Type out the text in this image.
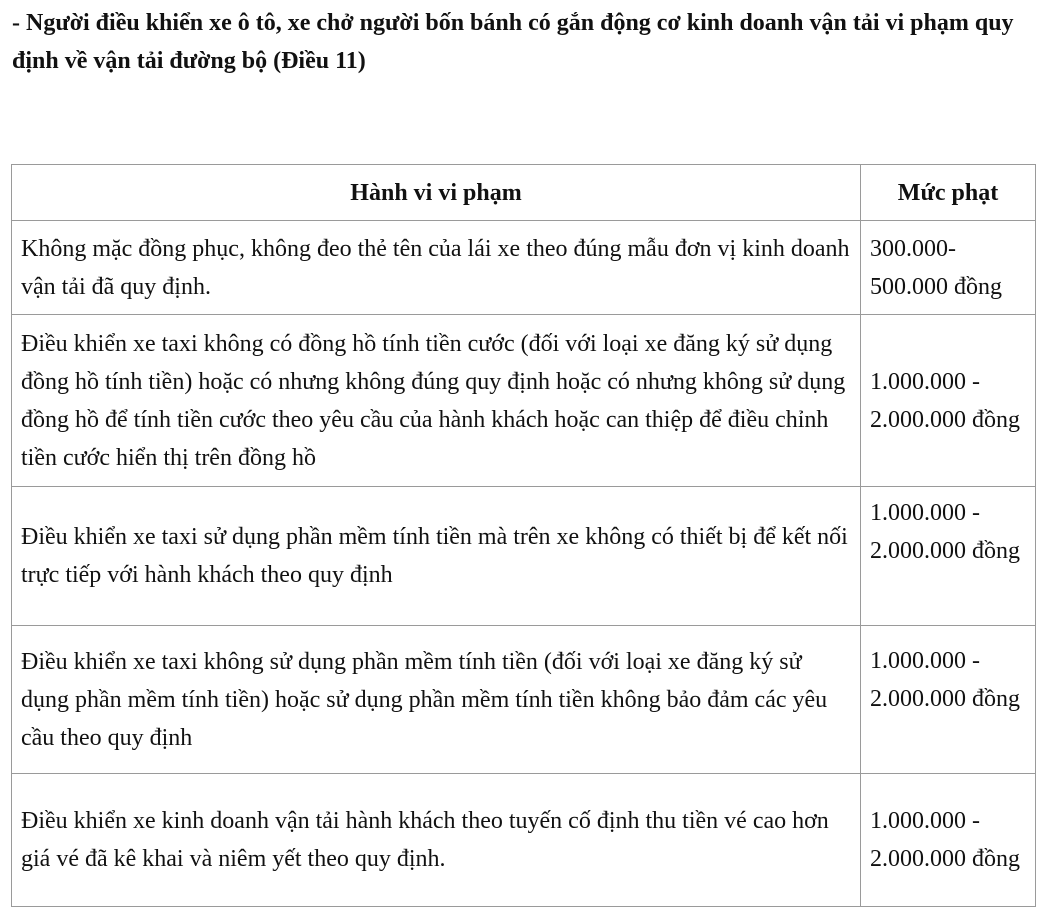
- Người điều khiển xe ô tô, xe chở người bốn bánh có gắn động cơ kinh doanh vận tải vi phạm quy định về vận tải đường bộ (Điều 11)

Hành vi vi phạm	Mức phạt
Không mặc đồng phục, không đeo thẻ tên của lái xe theo đúng mẫu đơn vị kinh doanh vận tải đã quy định.	300.000-500.000 đồng
Điều khiển xe taxi không có đồng hồ tính tiền cước (đối với loại xe đăng ký sử dụng đồng hồ tính tiền) hoặc có nhưng không đúng quy định hoặc có nhưng không sử dụng đồng hồ để tính tiền cước theo yêu cầu của hành khách hoặc can thiệp để điều chỉnh tiền cước hiển thị trên đồng hồ	1.000.000 - 2.000.000 đồng
Điều khiển xe taxi sử dụng phần mềm tính tiền mà trên xe không có thiết bị để kết nối trực tiếp với hành khách theo quy định	1.000.000 - 2.000.000 đồng
Điều khiển xe taxi không sử dụng phần mềm tính tiền (đối với loại xe đăng ký sử dụng phần mềm tính tiền) hoặc sử dụng phần mềm tính tiền không bảo đảm các yêu cầu theo quy định	1.000.000 - 2.000.000 đồng
Điều khiển xe kinh doanh vận tải hành khách theo tuyến cố định thu tiền vé cao hơn giá vé đã kê khai và niêm yết theo quy định.	1.000.000 - 2.000.000 đồng
